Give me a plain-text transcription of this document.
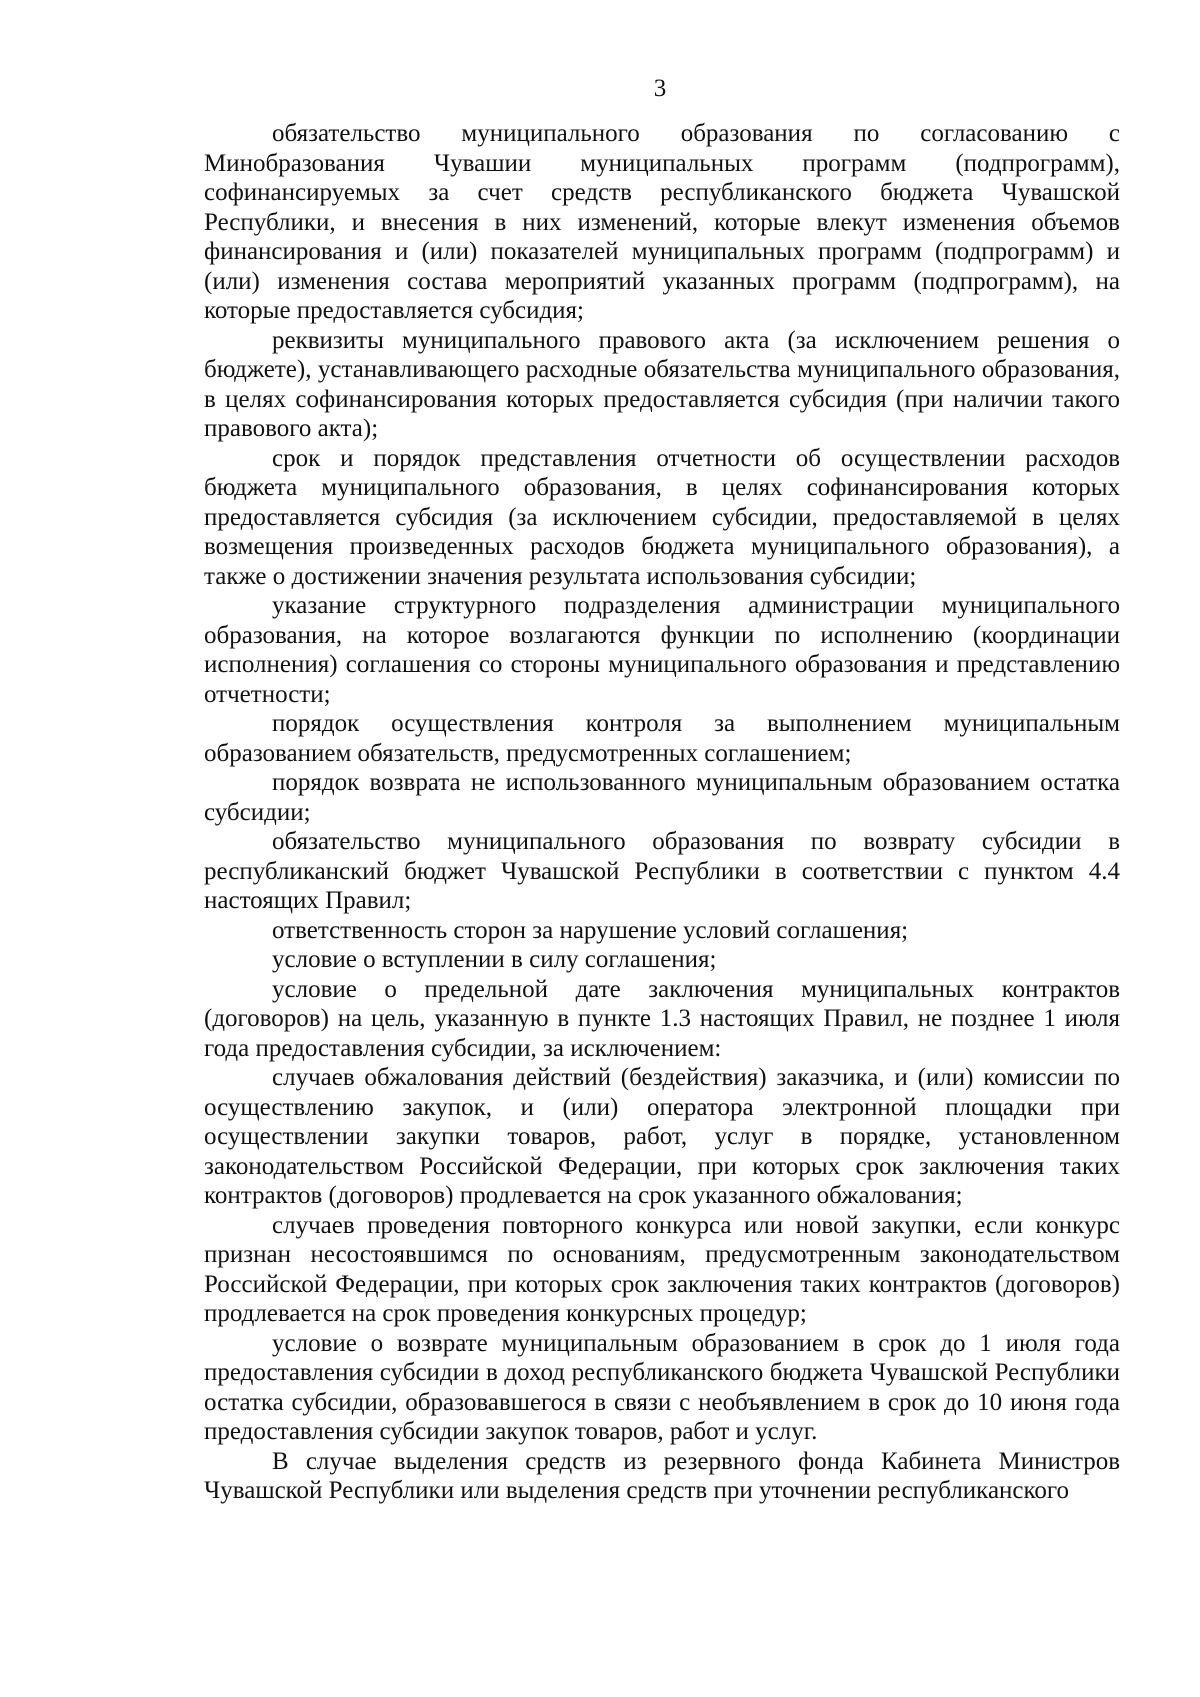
3

обязательство муниципального образования по согласованию с Минобразования Чувашии муниципальных программ (подпрограмм), софинансируемых за счет средств республиканского бюджета Чувашской Республики, и внесения в них изменений, которые влекут изменения объемов финансирования и (или) показателей муниципальных программ (подпрограмм) и (или) изменения состава мероприятий указанных программ (подпрограмм), на которые предоставляется субсидия;

реквизиты муниципального правового акта (за исключением решения о бюджете), устанавливающего расходные обязательства муниципального образования, в целях софинансирования которых предоставляется субсидия (при наличии такого правового акта);

срок и порядок представления отчетности об осуществлении расходов бюджета муниципального образования, в целях софинансирования которых предоставляется субсидия (за исключением субсидии, предоставляемой в целях возмещения произведенных расходов бюджета муниципального образования), а также о достижении значения результата использования субсидии;

указание структурного подразделения администрации муниципального образования, на которое возлагаются функции по исполнению (координации исполнения) соглашения со стороны муниципального образования и представлению отчетности;

порядок осуществления контроля за выполнением муниципальным образованием обязательств, предусмотренных соглашением;

порядок возврата не использованного муниципальным образованием остатка субсидии;

обязательство муниципального образования по возврату субсидии в республиканский бюджет Чувашской Республики в соответствии с пунктом 4.4 настоящих Правил;

ответственность сторон за нарушение условий соглашения;

условие о вступлении в силу соглашения;

условие о предельной дате заключения муниципальных контрактов (договоров) на цель, указанную в пункте 1.3 настоящих Правил, не позднее 1 июля года предоставления субсидии, за исключением:

случаев обжалования действий (бездействия) заказчика, и (или) комиссии по осуществлению закупок, и (или) оператора электронной площадки при осуществлении закупки товаров, работ, услуг в порядке, установленном законодательством Российской Федерации, при которых срок заключения таких контрактов (договоров) продлевается на срок указанного обжалования;

случаев проведения повторного конкурса или новой закупки, если конкурс признан несостоявшимся по основаниям, предусмотренным законодательством Российской Федерации, при которых срок заключения таких контрактов (договоров) продлевается на срок проведения конкурсных процедур;

условие о возврате муниципальным образованием в срок до 1 июля года предоставления субсидии в доход республиканского бюджета Чувашской Республики остатка субсидии, образовавшегося в связи с необъявлением в срок до 10 июня года предоставления субсидии закупок товаров, работ и услуг.

В случае выделения средств из резервного фонда Кабинета Министров Чувашской Республики или выделения средств при уточнении республиканского
